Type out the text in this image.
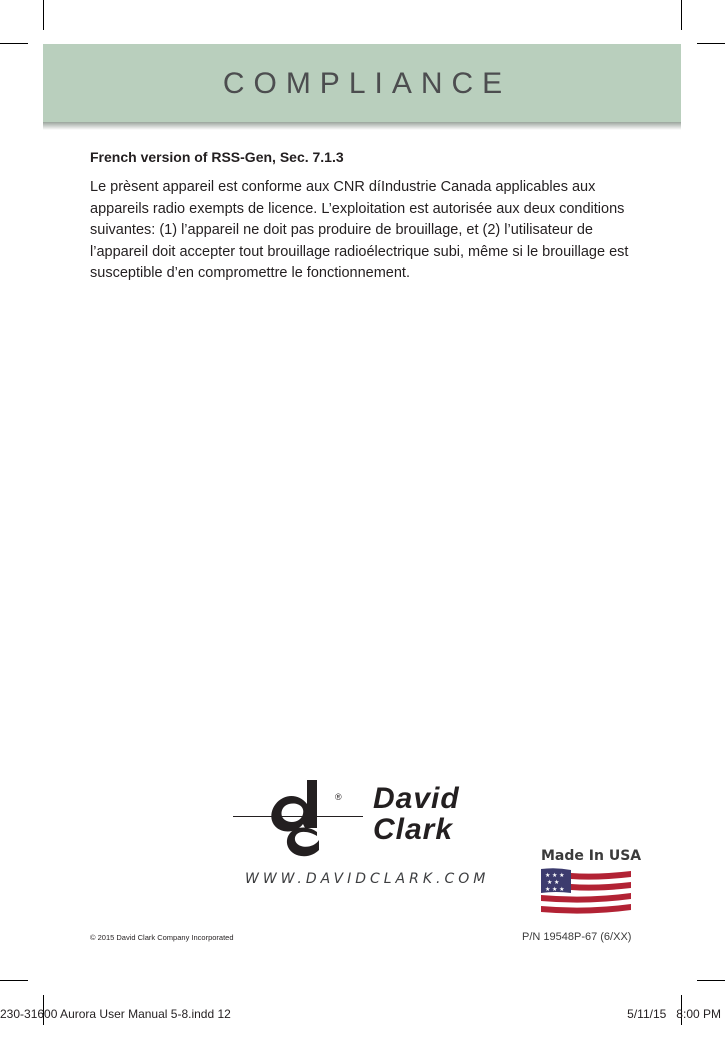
COMPLIANCE
French version of RSS-Gen, Sec. 7.1.3
Le prèsent appareil est conforme aux CNR díIndustrie Canada applicables aux appareils radio exempts de licence. L’exploitation est autorisée aux deux conditions suivantes: (1) l’appareil ne doit pas produire de brouillage, et (2) l’utilisateur de l’appareil doit accepter tout brouillage radioélectrique subi, même si le brouillage est susceptible d’en compromettre le fonctionnement.
® David
Clark
WWW.DAVIDCLARK.COM
Made In USA
★ ★ ★
★ ★
★ ★ ★
© 2015 David Clark Company Incorporated	P/N 19548P-67 (6/XX)
230-31600 Aurora User Manual 5-8.indd 12	5/11/15   8:00 PM
